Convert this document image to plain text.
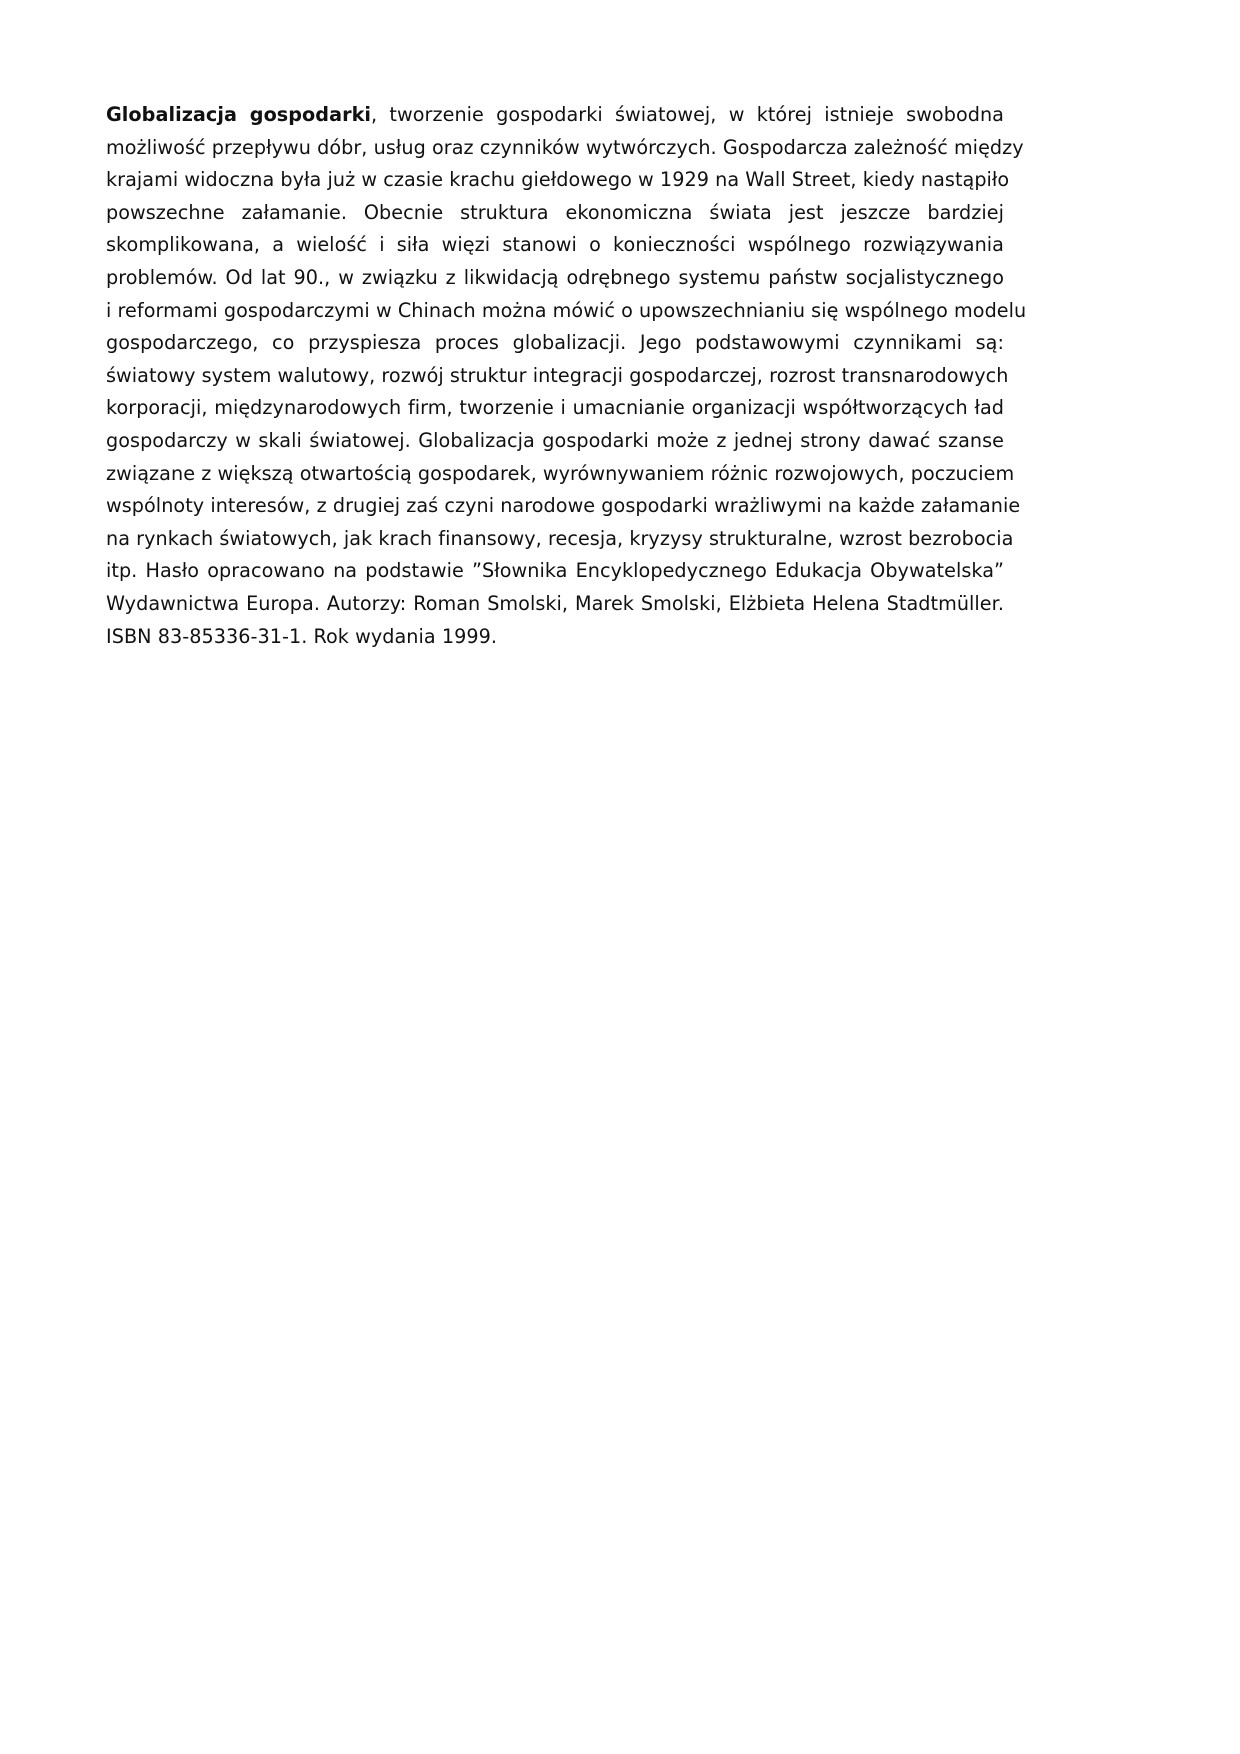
Globalizacja gospodarki, tworzenie gospodarki światowej, w której istnieje swobodna
możliwość przepływu dóbr, usług oraz czynników wytwórczych. Gospodarcza zależność między
krajami widoczna była już w czasie krachu giełdowego w 1929 na Wall Street, kiedy nastąpiło
powszechne załamanie. Obecnie struktura ekonomiczna świata jest jeszcze bardziej
skomplikowana, a wielość i siła więzi stanowi o konieczności wspólnego rozwiązywania
problemów. Od lat 90., w związku z likwidacją odrębnego systemu państw socjalistycznego
i reformami gospodarczymi w Chinach można mówić o upowszechnianiu się wspólnego modelu
gospodarczego, co przyspiesza proces globalizacji. Jego podstawowymi czynnikami są:
światowy system walutowy, rozwój struktur integracji gospodarczej, rozrost transnarodowych
korporacji, międzynarodowych firm, tworzenie i umacnianie organizacji współtworzących ład
gospodarczy w skali światowej. Globalizacja gospodarki może z jednej strony dawać szanse
związane z większą otwartością gospodarek, wyrównywaniem różnic rozwojowych, poczuciem
wspólnoty interesów, z drugiej zaś czyni narodowe gospodarki wrażliwymi na każde załamanie
na rynkach światowych, jak krach finansowy, recesja, kryzysy strukturalne, wzrost bezrobocia
itp. Hasło opracowano na podstawie ”Słownika Encyklopedycznego Edukacja Obywatelska”
Wydawnictwa Europa. Autorzy: Roman Smolski, Marek Smolski, Elżbieta Helena Stadtmüller.
ISBN 83-85336-31-1. Rok wydania 1999.
